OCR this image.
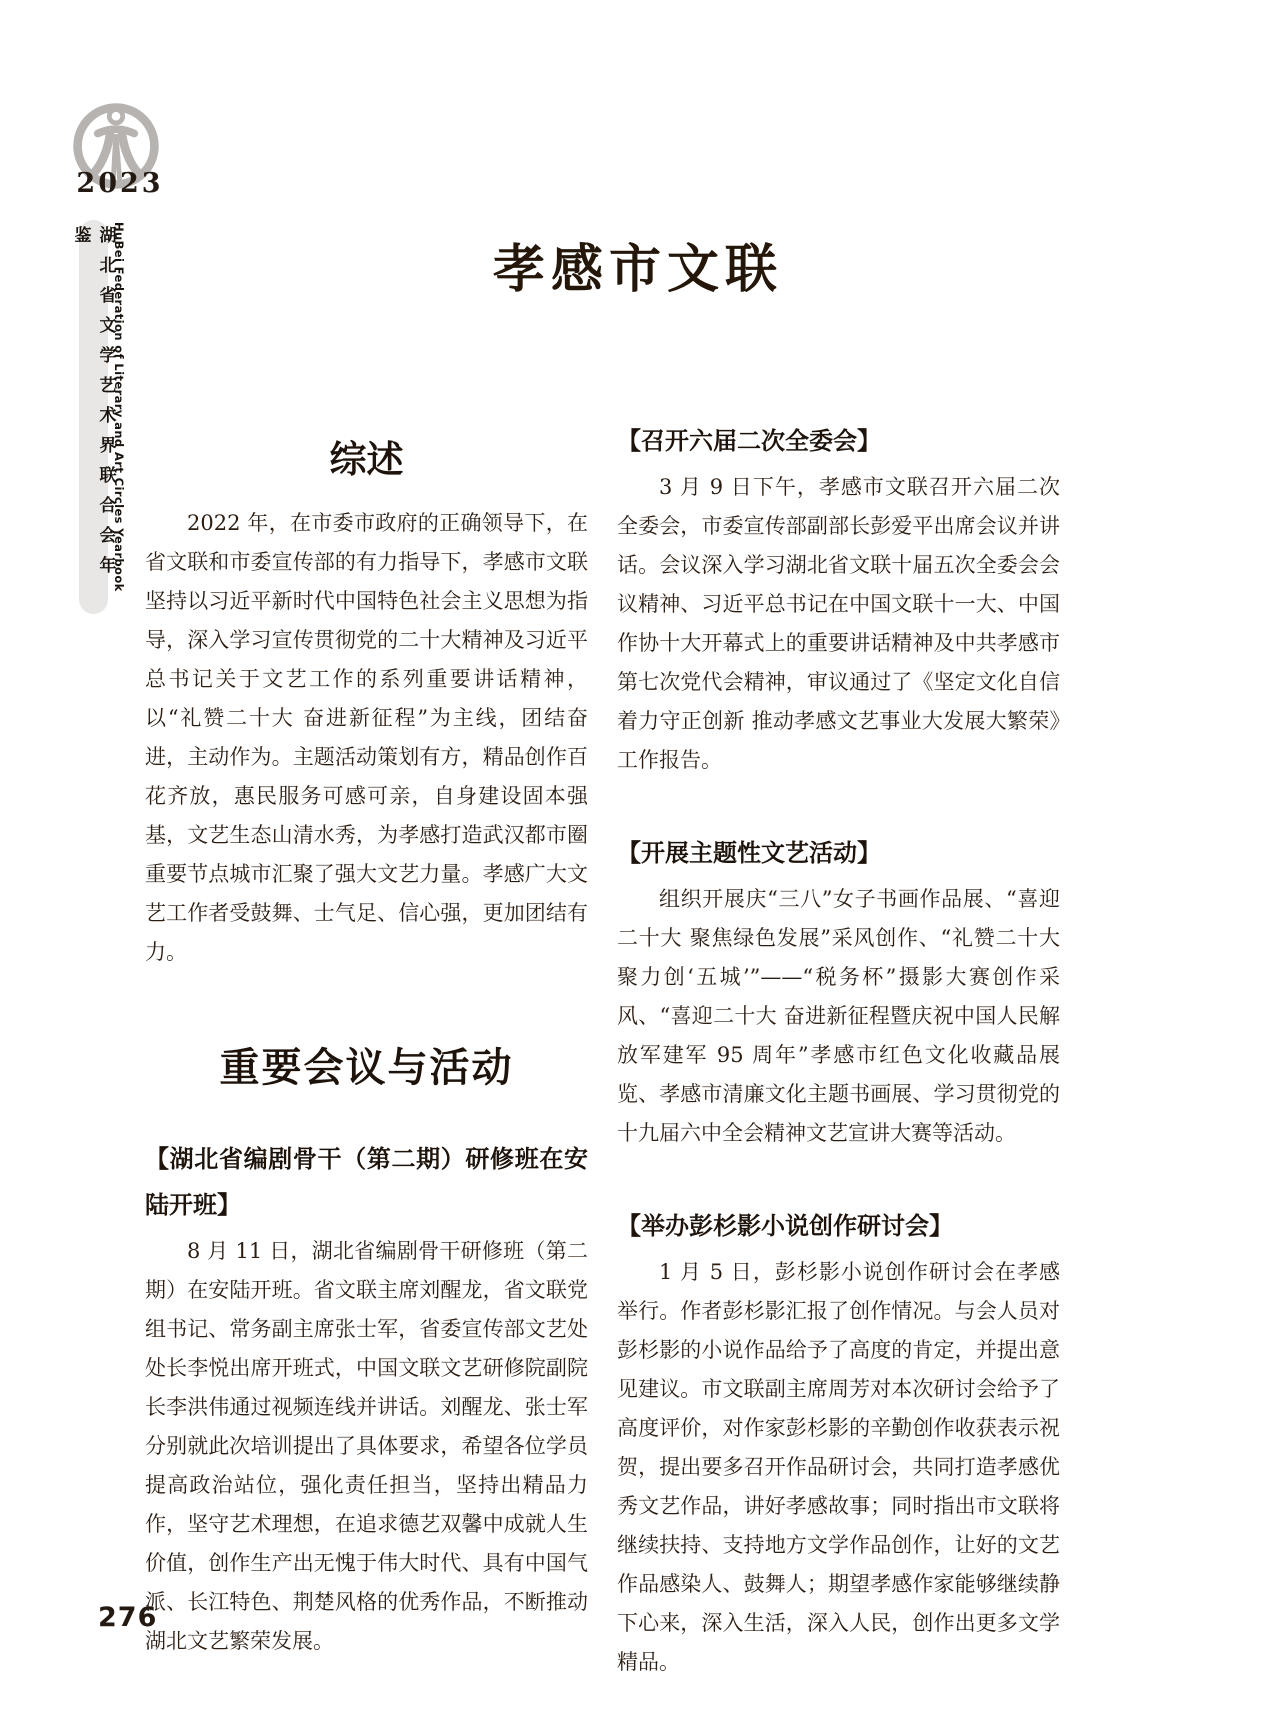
2023
湖北省文学艺术界联合会年鉴	HuBei Federation of Literary and Art Circles Yearbook	孝感市文联
综述

2022 年，在市委市政府的正确领导下，在省文联和市委宣传部的有力指导下，孝感市文联坚持以习近平新时代中国特色社会主义思想为指导，深入学习宣传贯彻党的二十大精神及习近平总书记关于文艺工作的系列重要讲话精神，以“礼赞二十大 奋进新征程”为主线，团结奋进，主动作为。主题活动策划有方，精品创作百花齐放，惠民服务可感可亲，自身建设固本强基，文艺生态山清水秀，为孝感打造武汉都市圈重要节点城市汇聚了强大文艺力量。孝感广大文艺工作者受鼓舞、士气足、信心强，更加团结有力。

重要会议与活动
【湖北省编剧骨干（第二期）研修班在安陆开班】

8 月 11 日，湖北省编剧骨干研修班（第二期）在安陆开班。省文联主席刘醒龙，省文联党组书记、常务副主席张士军，省委宣传部文艺处处长李悦出席开班式，中国文联文艺研修院副院长李洪伟通过视频连线并讲话。刘醒龙、张士军分别就此次培训提出了具体要求，希望各位学员提高政治站位，强化责任担当，坚持出精品力作，坚守艺术理想，在追求德艺双馨中成就人生价值，创作生产出无愧于伟大时代、具有中国气派、长江特色、荆楚风格的优秀作品，不断推动湖北文艺繁荣发展。

【召开六届二次全委会】

3 月 9 日下午，孝感市文联召开六届二次全委会，市委宣传部副部长彭爱平出席会议并讲话。会议深入学习湖北省文联十届五次全委会会议精神、习近平总书记在中国文联十一大、中国作协十大开幕式上的重要讲话精神及中共孝感市第七次党代会精神，审议通过了《坚定文化自信 着力守正创新 推动孝感文艺事业大发展大繁荣》工作报告。

【开展主题性文艺活动】

组织开展庆“三八”女子书画作品展、“喜迎二十大 聚焦绿色发展”采风创作、“礼赞二十大 聚力创‘五城’”——“税务杯”摄影大赛创作采风、“喜迎二十大 奋进新征程暨庆祝中国人民解放军建军 95 周年”孝感市红色文化收藏品展览、孝感市清廉文化主题书画展、学习贯彻党的十九届六中全会精神文艺宣讲大赛等活动。

【举办彭杉影小说创作研讨会】

1 月 5 日，彭杉影小说创作研讨会在孝感举行。作者彭杉影汇报了创作情况。与会人员对彭杉影的小说作品给予了高度的肯定，并提出意见建议。市文联副主席周芳对本次研讨会给予了高度评价，对作家彭杉影的辛勤创作收获表示祝贺，提出要多召开作品研讨会，共同打造孝感优秀文艺作品，讲好孝感故事；同时指出市文联将继续扶持、支持地方文学作品创作，让好的文艺作品感染人、鼓舞人；期望孝感作家能够继续静下心来，深入生活，深入人民，创作出更多文学精品。

276
